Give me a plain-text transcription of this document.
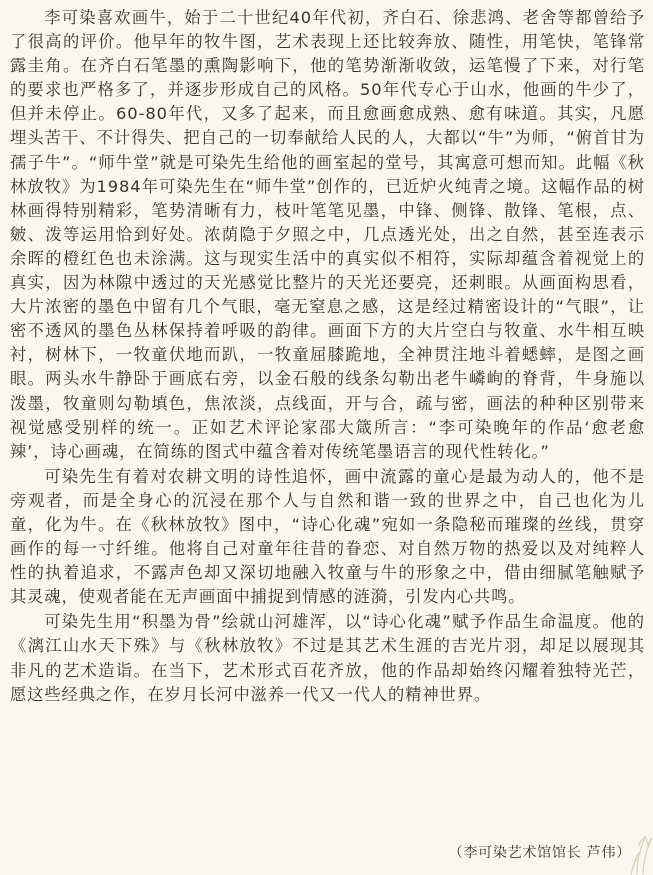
李可染喜欢画牛，始于二十世纪40年代初，齐白石、徐悲鸿、老舍等都曾给予了很高的评价。他早年的牧牛图，艺术表现上还比较奔放、随性，用笔快，笔锋常露圭角。在齐白石笔墨的熏陶影响下，他的笔势渐渐收敛，运笔慢了下来，对行笔的要求也严格多了，并逐步形成自己的风格。50年代专心于山水，他画的牛少了，但并未停止。60-80年代，又多了起来，而且愈画愈成熟、愈有味道。其实，凡愿埋头苦干、不计得失、把自己的一切奉献给人民的人，大都以“牛”为师，“俯首甘为孺子牛”。“师牛堂”就是可染先生给他的画室起的堂号，其寓意可想而知。此幅《秋林放牧》为1984年可染先生在“师牛堂”创作的，已近炉火纯青之境。这幅作品的树林画得特别精彩，笔势清晰有力，枝叶笔笔见墨，中锋、侧锋、散锋、笔根，点、皴、泼等运用恰到好处。浓荫隐于夕照之中，几点透光处，出之自然，甚至连表示余晖的橙红色也未涂满。这与现实生活中的真实似不相符，实际却蕴含着视觉上的真实，因为林隙中透过的天光感觉比整片的天光还要亮，还刺眼。从画面构思看，大片浓密的墨色中留有几个气眼，毫无窒息之感，这是经过精密设计的“气眼”，让密不透风的墨色丛林保持着呼吸的韵律。画面下方的大片空白与牧童、水牛相互映衬，树林下，一牧童伏地而趴，一牧童屈膝跪地，全神贯注地斗着蟋蟀，是图之画眼。两头水牛静卧于画底右旁，以金石般的线条勾勒出老牛嶙峋的脊背，牛身施以泼墨，牧童则勾勒填色，焦浓淡，点线面，开与合，疏与密，画法的种种区别带来视觉感受别样的统一。正如艺术评论家邵大箴所言：“李可染晚年的作品‘愈老愈辣’，诗心画魂，在简练的图式中蕴含着对传统笔墨语言的现代性转化。”

可染先生有着对农耕文明的诗性追怀，画中流露的童心是最为动人的，他不是旁观者，而是全身心的沉浸在那个人与自然和谐一致的世界之中，自己也化为儿童，化为牛。在《秋林放牧》图中，“诗心化魂”宛如一条隐秘而璀璨的丝线，贯穿画作的每一寸纤维。他将自己对童年往昔的眷恋、对自然万物的热爱以及对纯粹人性的执着追求，不露声色却又深切地融入牧童与牛的形象之中，借由细腻笔触赋予其灵魂，使观者能在无声画面中捕捉到情感的涟漪，引发内心共鸣。

可染先生用“积墨为骨”绘就山河雄浑，以“诗心化魂”赋予作品生命温度。他的《漓江山水天下殊》与《秋林放牧》不过是其艺术生涯的吉光片羽，却足以展现其非凡的艺术造诣。在当下，艺术形式百花齐放，他的作品却始终闪耀着独特光芒，愿这些经典之作，在岁月长河中滋养一代又一代人的精神世界。

（李可染艺术馆馆长 芦伟）
